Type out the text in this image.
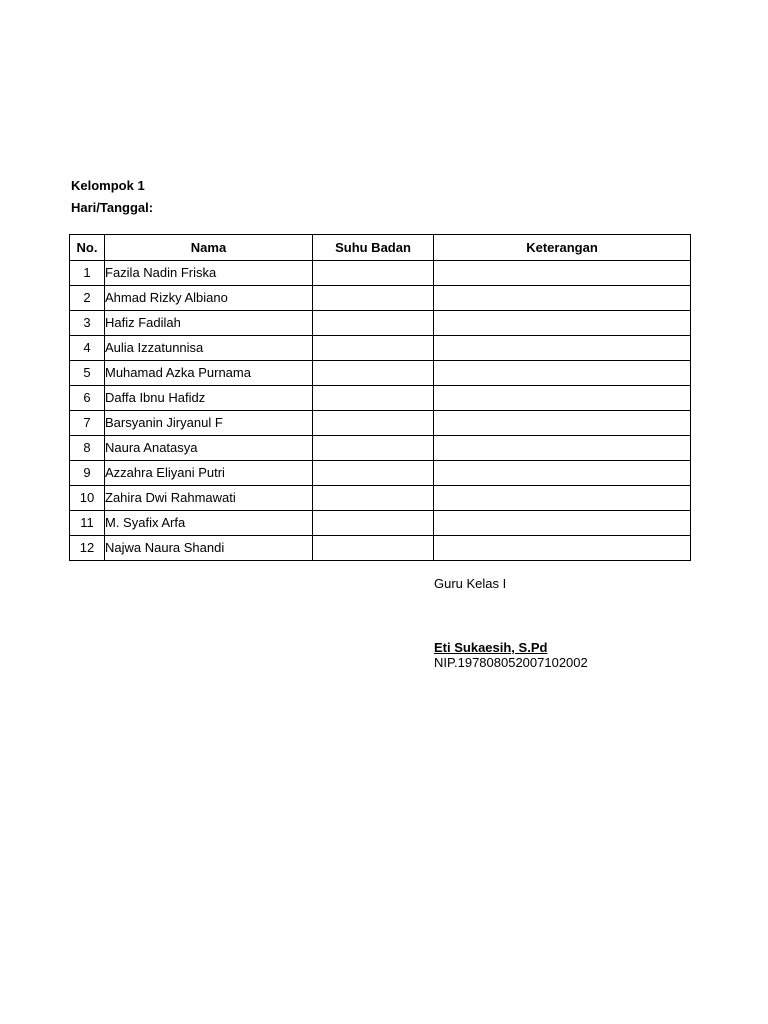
Kelompok 1
Hari/Tanggal:
No.	Nama	Suhu Badan	Keterangan
1	Fazila Nadin Friska		
2	Ahmad Rizky Albiano		
3	Hafiz Fadilah		
4	Aulia Izzatunnisa		
5	Muhamad Azka Purnama		
6	Daffa Ibnu Hafidz		
7	Barsyanin Jiryanul F		
8	Naura Anatasya		
9	Azzahra Eliyani Putri		
10	Zahira Dwi Rahmawati		
11	M. Syafix Arfa		
12	Najwa Naura Shandi		
Guru Kelas I
Eti Sukaesih, S.Pd
NIP.197808052007102002
